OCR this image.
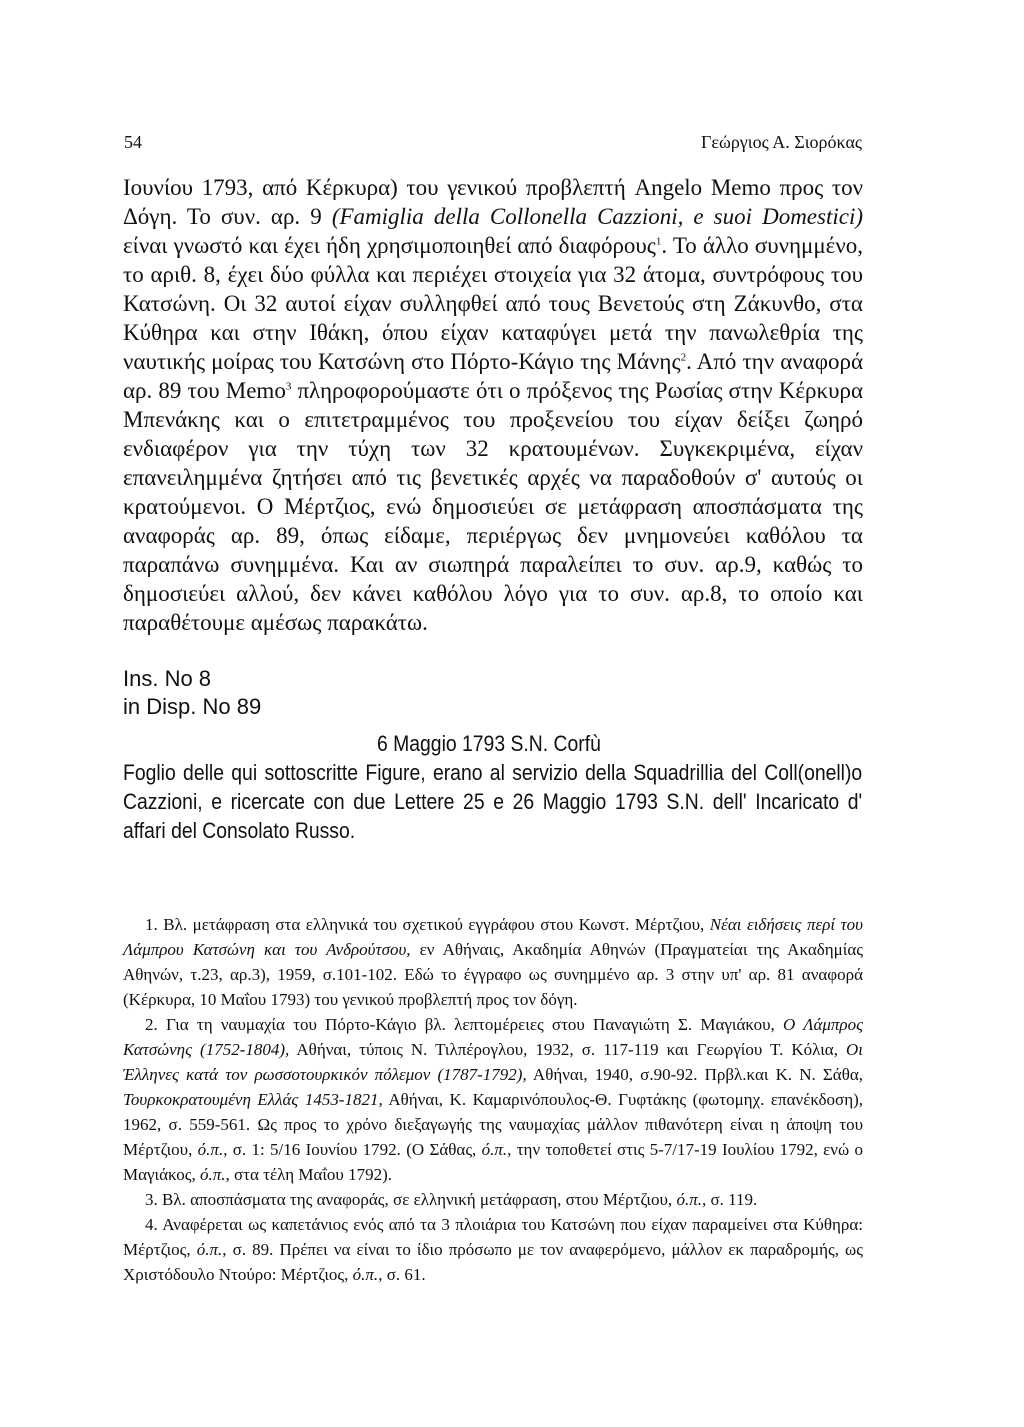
54	Γεώργιος Α. Σιορόκας

Ιουνίου 1793, από Κέρκυρα) του γενικού προβλεπτή Angelo Memo προς τον Δόγη. Το συν. αρ. 9 (Famiglia della Collonella Cazzioni, e suoi Domestici) είναι γνωστό και έχει ήδη χρησιμοποιηθεί από διαφόρους$^1$. Το άλλο συνημμένο, το αριθ. 8, έχει δύο φύλλα και περιέχει στοιχεία για 32 άτομα, συντρόφους του Κατσώνη. Οι 32 αυτοί είχαν συλληφθεί από τους Βενετούς στη Ζάκυνθο, στα Κύθηρα και στην Ιθάκη, όπου είχαν καταφύγει μετά την πανωλεθρία της ναυτικής μοίρας του Κατσώνη στο Πόρτο-Κάγιο της Μάνης$^2$. Από την αναφορά αρ. 89 του Memo$^3$ πληροφορούμαστε ότι ο πρόξενος της Ρωσίας στην Κέρκυρα Μπενάκης και ο επιτετραμμένος του προξενείου του είχαν δείξει ζωηρό ενδιαφέρον για την τύχη των 32 κρατουμένων. Συγκεκριμένα, είχαν επανειλημμένα ζητήσει από τις βενετικές αρχές να παραδοθούν σ' αυτούς οι κρατούμενοι. Ο Μέρτζιος, ενώ δημοσιεύει σε μετάφραση αποσπάσματα της αναφοράς αρ. 89, όπως είδαμε, περιέργως δεν μνημονεύει καθόλου τα παραπάνω συνημμένα. Και αν σιωπηρά παραλείπει το συν. αρ.9, καθώς το δημοσιεύει αλλού, δεν κάνει καθόλου λόγο για το συν. αρ.8, το οποίο και παραθέτουμε αμέσως παρακάτω.

Ins. No 8
in Disp. No 89
6 Maggio 1793 S.N. Corfù
Foglio delle qui sottoscritte Figure, erano al servizio della Squadrillia del Coll(onell)o Cazzioni, e ricercate con due Lettere 25 e 26 Maggio 1793 S.N. dell' Incaricato d' affari del Consolato Russo.

1. Βλ. μετάφραση στα ελληνικά του σχετικού εγγράφου στου Κωνστ. Μέρτζιου, Νέαι ειδήσεις περί του Λάμπρου Κατσώνη και του Ανδρούτσου, εν Αθήναις, Ακαδημία Αθηνών (Πραγματείαι της Ακαδημίας Αθηνών, τ.23, αρ.3), 1959, σ.101-102. Εδώ το έγγραφο ως συνημμένο αρ. 3 στην υπ' αρ. 81 αναφορά (Κέρκυρα, 10 Μαΐου 1793) του γενικού προβλεπτή προς τον δόγη.

2. Για τη ναυμαχία του Πόρτο-Κάγιο βλ. λεπτομέρειες στου Παναγιώτη Σ. Μαγιάκου, Ο Λάμπρος Κατσώνης (1752-1804), Αθήναι, τύποις Ν. Τιλπέρογλου, 1932, σ. 117-119 και Γεωργίου Τ. Κόλια, Οι Έλληνες κατά τον ρωσσοτουρκικόν πόλεμον (1787-1792), Αθήναι, 1940, σ.90-92. Πρβλ.και Κ. Ν. Σάθα, Τουρκοκρατουμένη Ελλάς 1453-1821, Αθήναι, Κ. Καμαρινόπουλος-Θ. Γυφτάκης (φωτομηχ. επανέκδοση), 1962, σ. 559-561. Ως προς το χρόνο διεξαγωγής της ναυμαχίας μάλλον πιθανότερη είναι η άποψη του Μέρτζιου, ό.π., σ. 1: 5/16 Ιουνίου 1792. (Ο Σάθας, ό.π., την τοποθετεί στις 5-7/17-19 Ιουλίου 1792, ενώ ο Μαγιάκος, ό.π., στα τέλη Μαΐου 1792).

3. Βλ. αποσπάσματα της αναφοράς, σε ελληνική μετάφραση, στου Μέρτζιου, ό.π., σ. 119.

4. Αναφέρεται ως καπετάνιος ενός από τα 3 πλοιάρια του Κατσώνη που είχαν παραμείνει στα Κύθηρα: Μέρτζιος, ό.π., σ. 89. Πρέπει να είναι το ίδιο πρόσωπο με τον αναφερόμενο, μάλλον εκ παραδρομής, ως Χριστόδουλο Ντούρο: Μέρτζιος, ό.π., σ. 61.
